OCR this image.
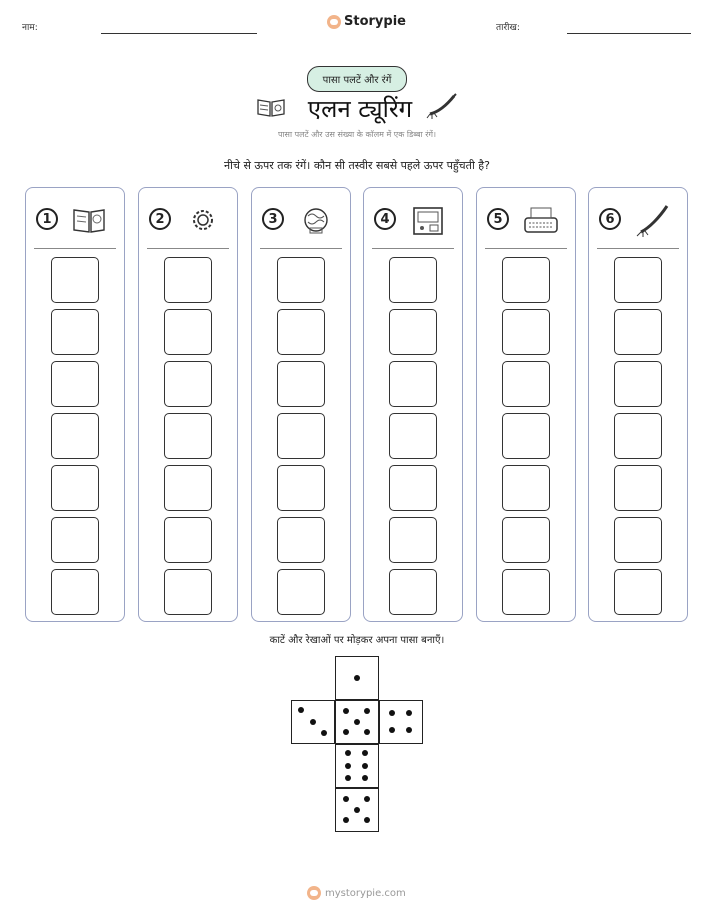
नाम:	Storypie	तारीख:
पासा पलटें और रंगें
एलन ट्यूरिंग
पासा पलटें और उस संख्या के कॉलम में एक डिब्बा रंगें।
नीचे से ऊपर तक रंगें। कौन सी तस्वीर सबसे पहले ऊपर पहुँचती है?
1	2	3	4	5	6
काटें और रेखाओं पर मोड़कर अपना पासा बनाएँ।
mystorypie.com
